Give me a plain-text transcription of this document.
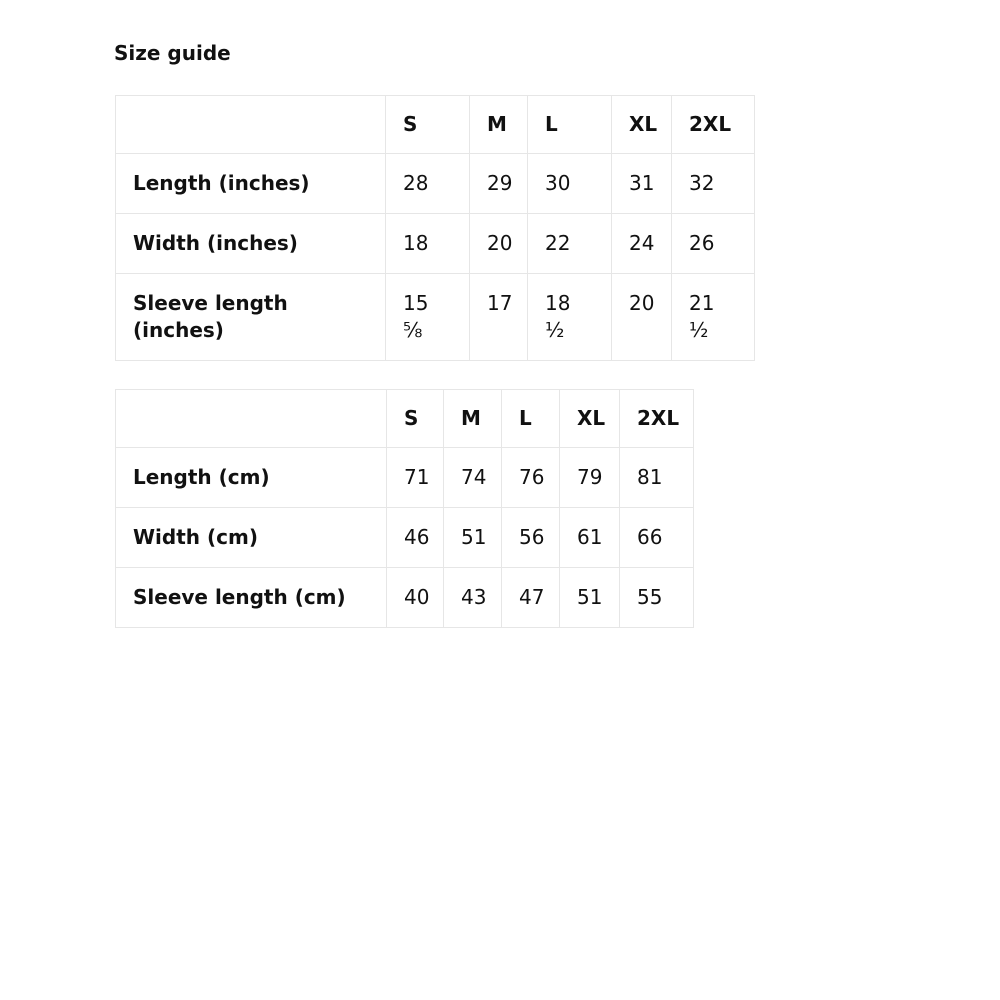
Size guide
	S	M	L	XL	2XL
Length (inches)	28	29	30	31	32
Width (inches)	18	20	22	24	26
Sleeve length (inches)	15 ⅝	17	18 ½	20	21 ½
	S	M	L	XL	2XL
Length (cm)	71	74	76	79	81
Width (cm)	46	51	56	61	66
Sleeve length (cm)	40	43	47	51	55
